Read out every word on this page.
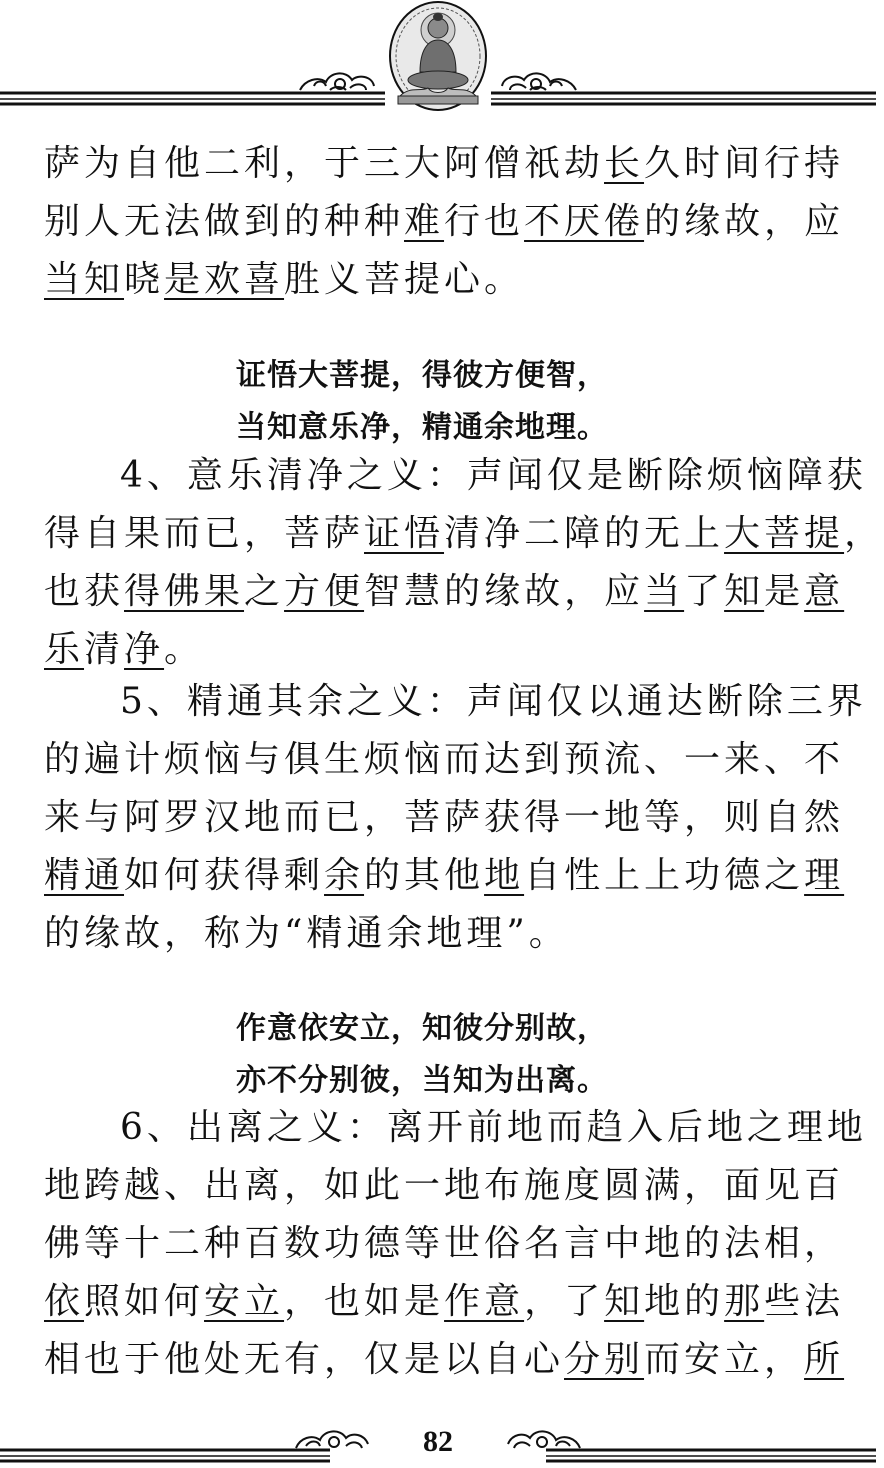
萨为自他二利，于三大阿僧祇劫长久时间行持
别人无法做到的种种难行也不厌倦的缘故，应
当知晓是欢喜胜义菩提心。
证悟大菩提，得彼方便智，
当知意乐净，精通余地理。
4、意乐清净之义：声闻仅是断除烦恼障获
得自果而已，菩萨证悟清净二障的无上大菩提，
也获得佛果之方便智慧的缘故，应当了知是意
乐清净。
5、精通其余之义：声闻仅以通达断除三界
的遍计烦恼与俱生烦恼而达到预流、一来、不
来与阿罗汉地而已，菩萨获得一地等，则自然
精通如何获得剩余的其他地自性上上功德之理
的缘故，称为“精通余地理”。
作意依安立，知彼分别故，
亦不分别彼，当知为出离。
6、出离之义：离开前地而趋入后地之理地
地跨越、出离，如此一地布施度圆满，面见百
佛等十二种百数功德等世俗名言中地的法相，
依照如何安立，也如是作意，了知地的那些法
相也于他处无有，仅是以自心分别而安立，所
82
